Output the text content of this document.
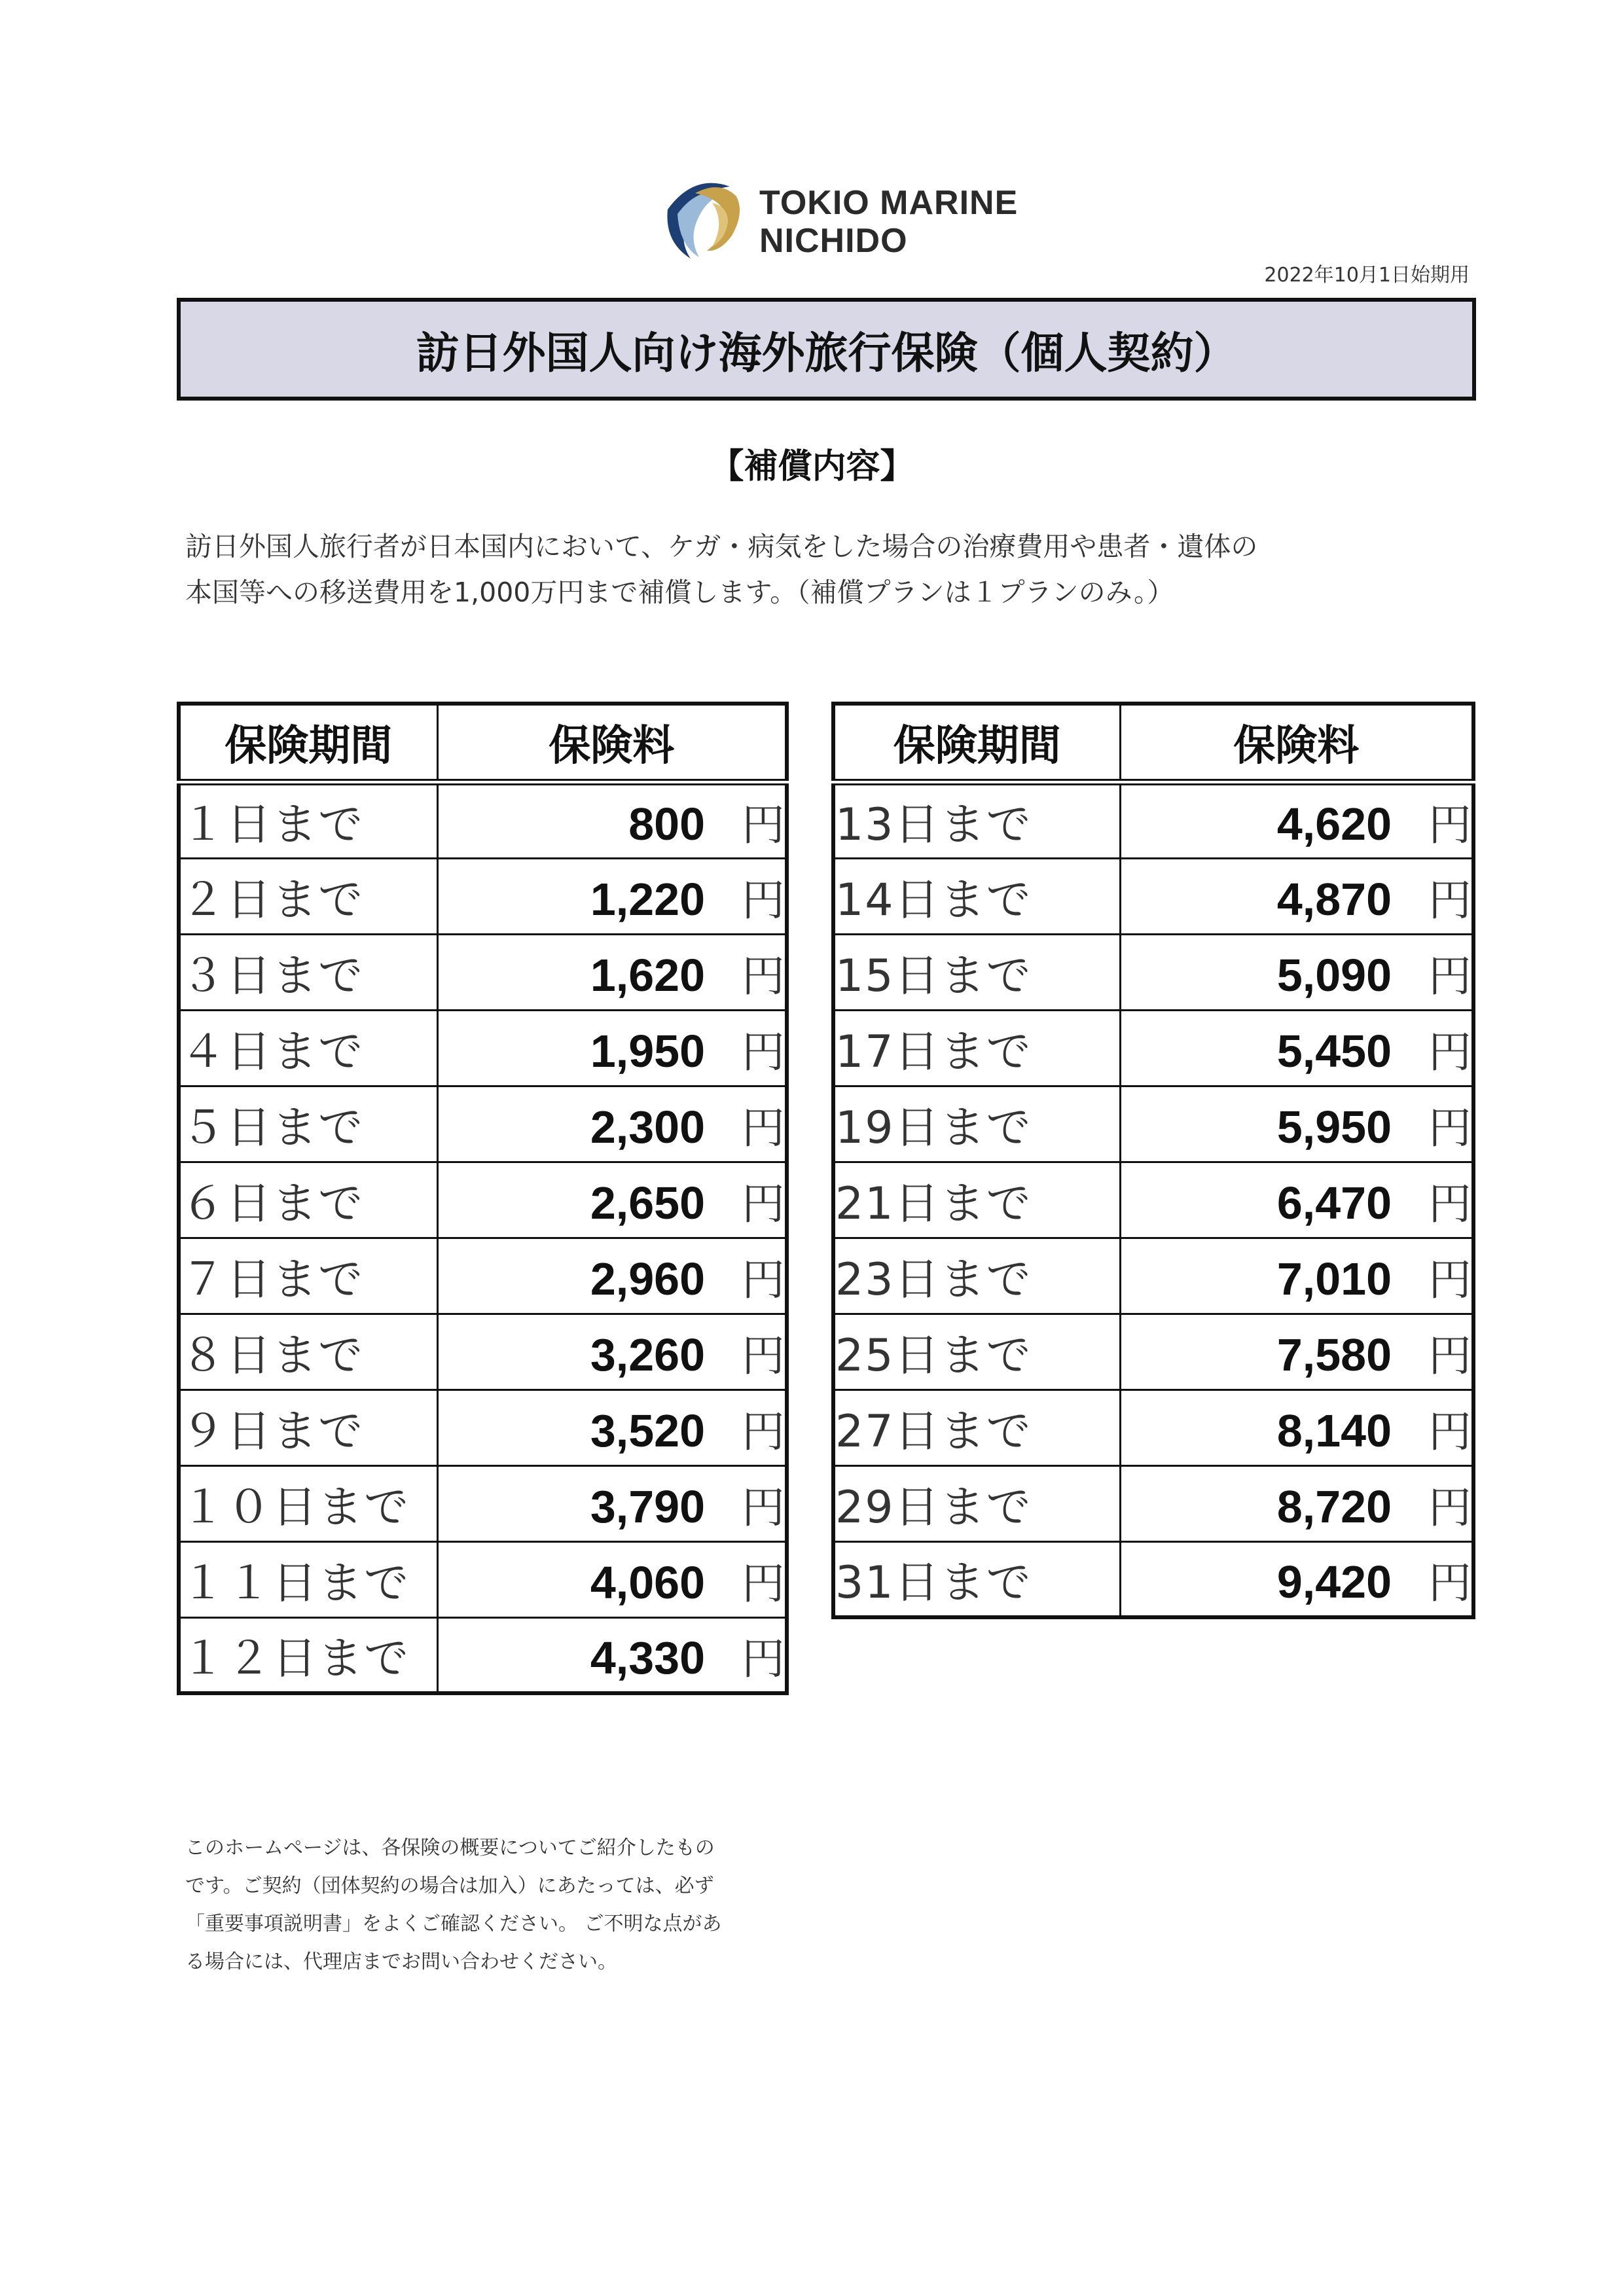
TOKIO MARINE
NICHIDO
2022年10月1日始期用
訪日外国人向け海外旅行保険（個人契約）
【補償内容】
訪日外国人旅行者が日本国内において、ケガ・病気をした場合の治療費用や患者・遺体の
本国等への移送費用を1,000万円まで補償します。（補償プランは１プランのみ。）
保険期間	保険料
１日まで	800 円
２日まで	1,220 円
３日まで	1,620 円
４日まで	1,950 円
５日まで	2,300 円
６日まで	2,650 円
７日まで	2,960 円
８日まで	3,260 円
９日まで	3,520 円
１０日まで	3,790 円
１１日まで	4,060 円
１２日まで	4,330 円
保険期間	保険料
13日まで	4,620 円
14日まで	4,870 円
15日まで	5,090 円
17日まで	5,450 円
19日まで	5,950 円
21日まで	6,470 円
23日まで	7,010 円
25日まで	7,580 円
27日まで	8,140 円
29日まで	8,720 円
31日まで	9,420 円
このホームページは、各保険の概要についてご紹介したもの
です。ご契約（団体契約の場合は加入）にあたっては、必ず
「重要事項説明書」をよくご確認ください。 ご不明な点があ
る場合には、代理店までお問い合わせください。
